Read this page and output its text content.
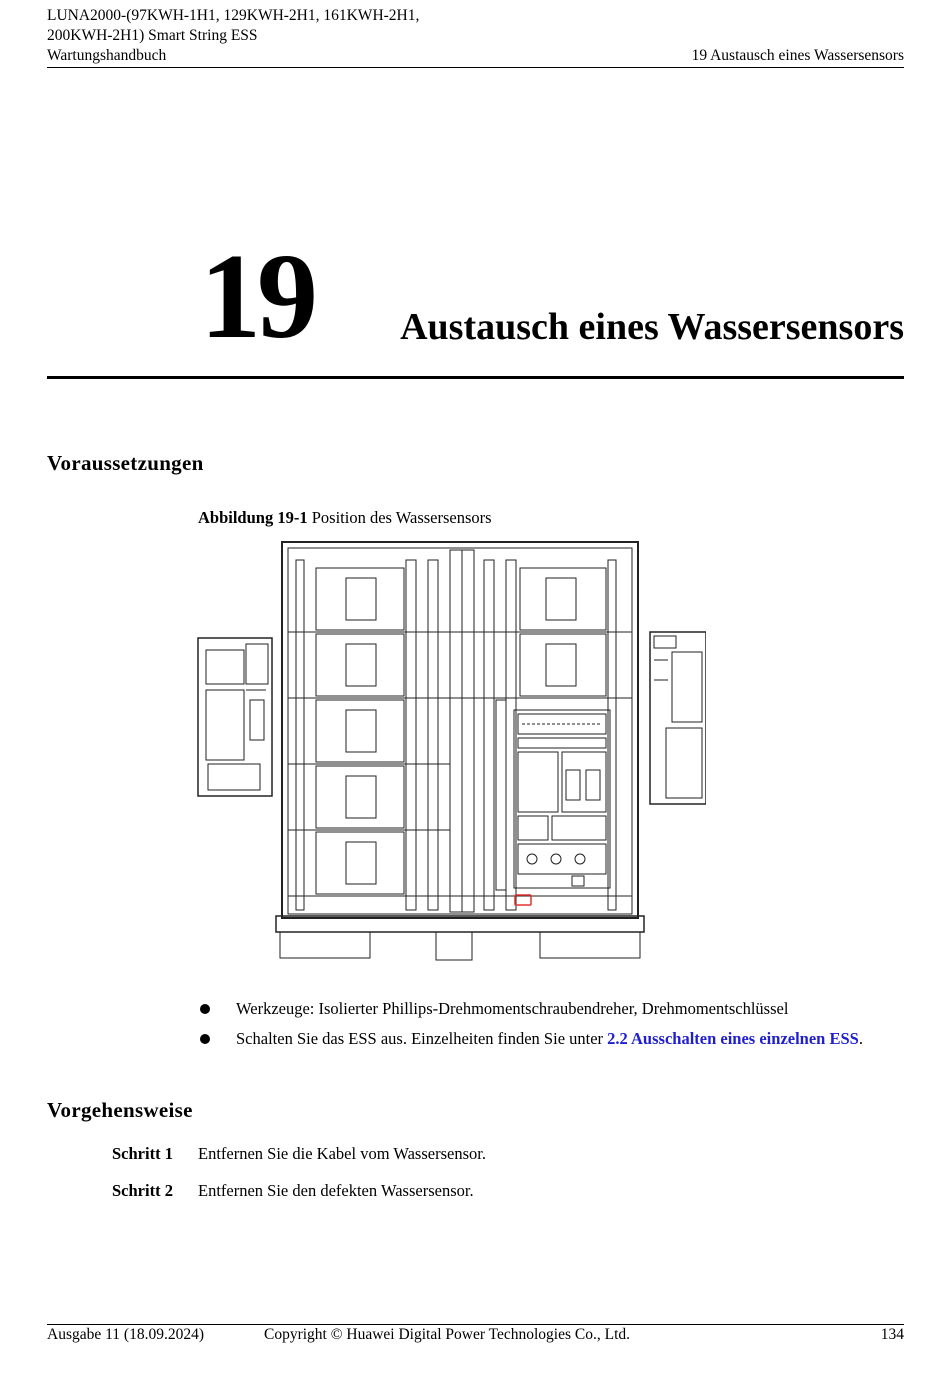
LUNA2000-(97KWH-1H1, 129KWH-2H1, 161KWH-2H1,
200KWH-2H1) Smart String ESS
Wartungshandbuch	19 Austausch eines Wassersensors
19 Austausch eines Wassersensors
Voraussetzungen
Abbildung 19-1 Position des Wassersensors
Werkzeuge: Isolierter Phillips-Drehmomentschraubendreher, Drehmomentschlüssel
Schalten Sie das ESS aus. Einzelheiten finden Sie unter 2.2 Ausschalten eines einzelnen ESS.
Vorgehensweise
Schritt 1 Entfernen Sie die Kabel vom Wassersensor.
Schritt 2 Entfernen Sie den defekten Wassersensor.
Ausgabe 11 (18.09.2024)	Copyright © Huawei Digital Power Technologies Co., Ltd.	134
